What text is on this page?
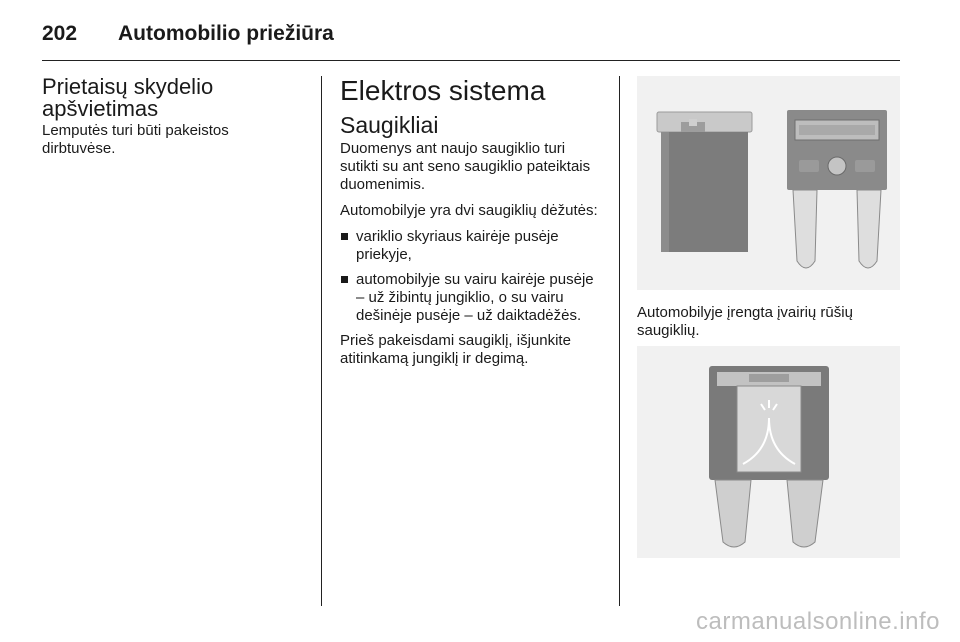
202 Automobilio priežiūra
Prietaisų skydelio apšvietimas

Lemputės turi būti pakeistos dirbtuvėse.

Elektros sistema
Saugikliai

Duomenys ant naujo saugiklio turi sutikti su ant seno saugiklio pateiktais duomenimis.

Automobilyje yra dvi saugiklių dėžutės:

variklio skyriaus kairėje pusėje priekyje,
automobilyje su vairu kairėje pusėje – už žibintų jungiklio, o su vairu dešinėje pusėje – už daiktadėžės.

Prieš pakeisdami saugiklį, išjunkite atitinkamą jungiklį ir degimą.

Automobilyje įrengta įvairių rūšių saugiklių.

carmanualsonline.info
